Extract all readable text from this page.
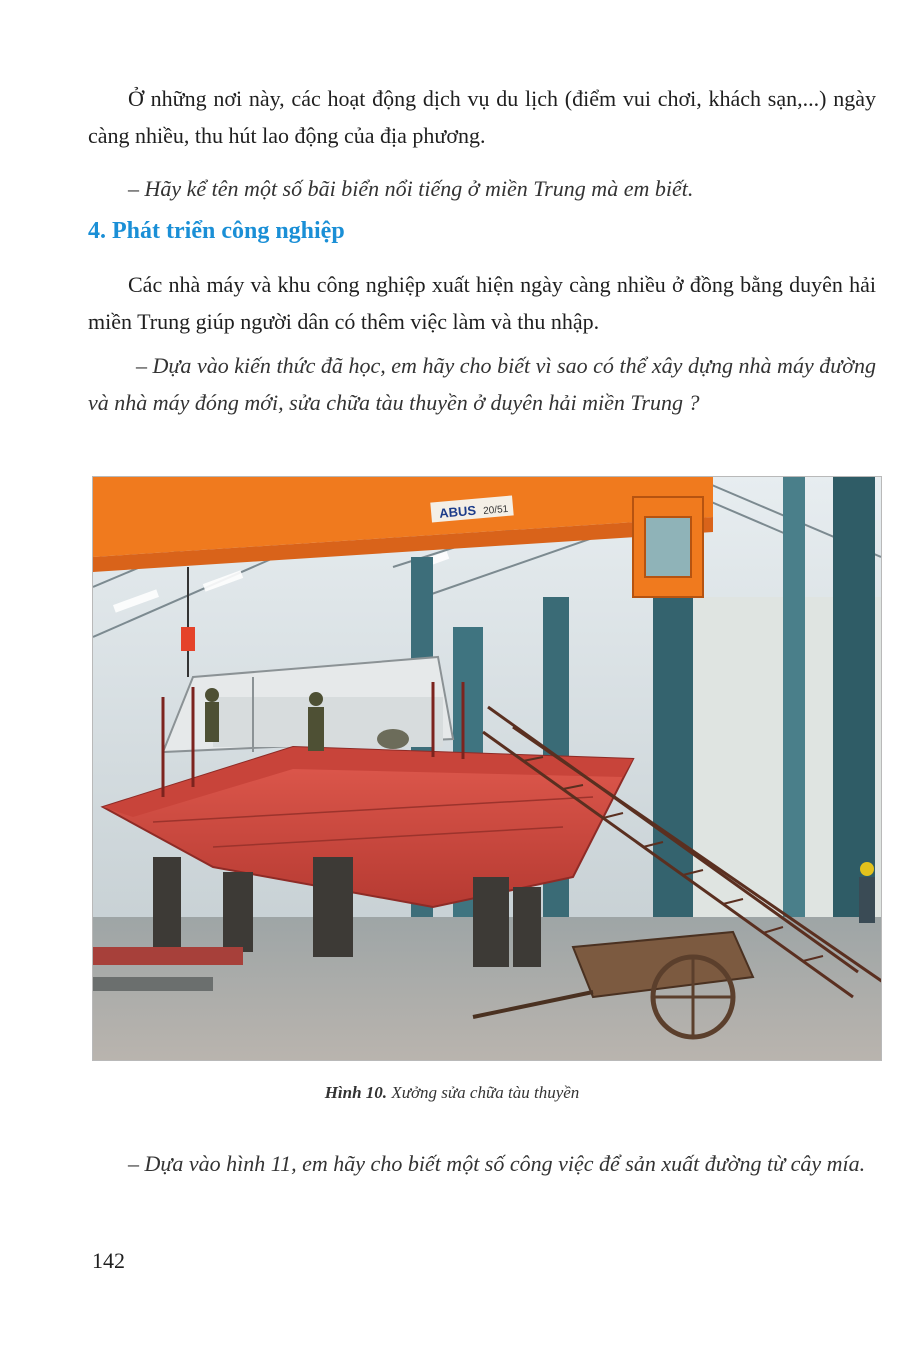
Ở những nơi này, các hoạt động dịch vụ du lịch (điểm vui chơi, khách sạn,...) ngày càng nhiều, thu hút lao động của địa phương.
– Hãy kể tên một số bãi biển nổi tiếng ở miền Trung mà em biết.
4. Phát triển công nghiệp
Các nhà máy và khu công nghiệp xuất hiện ngày càng nhiều ở đồng bằng duyên hải miền Trung giúp người dân có thêm việc làm và thu nhập.
– Dựa vào kiến thức đã học, em hãy cho biết vì sao có thể xây dựng nhà máy đường và nhà máy đóng mới, sửa chữa tàu thuyền ở duyên hải miền Trung ?
ABUS 20/51
Hình 10. Xưởng sửa chữa tàu thuyền
– Dựa vào hình 11, em hãy cho biết một số công việc để sản xuất đường từ cây mía.
142
